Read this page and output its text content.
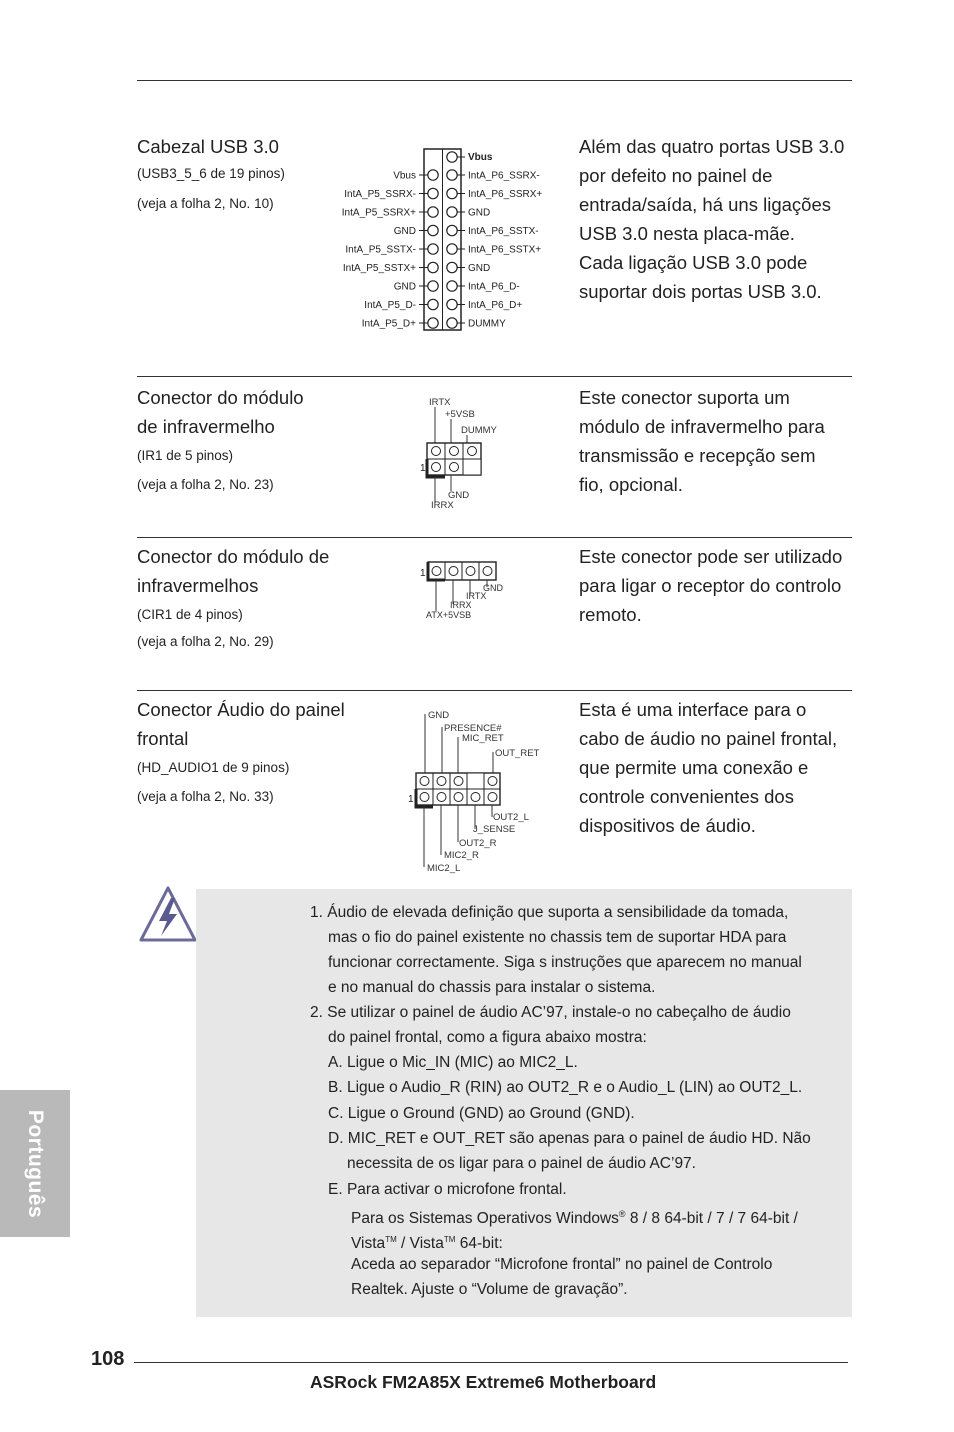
Cabezal USB 3.0
(USB3_5_6 de 19 pinos)
(veja a folha 2, No. 10)
Além das quatro portas USB 3.0
por defeito no painel de
entrada/saída, há uns ligações
USB 3.0 nesta placa-mãe.
Cada ligação USB 3.0 pode
suportar dois portas USB 3.0.
Vbus
Vbus	IntA_P6_SSRX-
IntA_P5_SSRX-	IntA_P6_SSRX+
IntA_P5_SSRX+	GND
GND	IntA_P6_SSTX-
IntA_P5_SSTX-	IntA_P6_SSTX+
IntA_P5_SSTX+	GND
GND	IntA_P6_D-
IntA_P5_D-	IntA_P6_D+
IntA_P5_D+	DUMMY
Conector do módulo
de infravermelho
(IR1 de 5 pinos)
(veja a folha 2, No. 23)
Este conector suporta um
módulo de infravermelho para
transmissão e recepção sem
fio, opcional.
IRTX
+5VSB
DUMMY
1
GND
IRRX
Conector do módulo de
infravermelhos
(CIR1 de 4 pinos)
(veja a folha 2, No. 29)
Este conector pode ser utilizado
para ligar o receptor do controlo
remoto.
1
GND
IRTX
IRRX
ATX+5VSB
Conector Áudio do painel
frontal
(HD_AUDIO1 de 9 pinos)
(veja a folha 2, No. 33)
Esta é uma interface para o
cabo de áudio no painel frontal,
que permite uma conexão e
controle convenientes dos
dispositivos de áudio.
GND
PRESENCE#
MIC_RET
OUT_RET
1
OUT2_L
J_SENSE
OUT2_R
MIC2_R
MIC2_L
1. Áudio de elevada definição que suporta a sensibilidade da tomada,
mas o fio do painel existente no chassis tem de suportar HDA para
funcionar correctamente. Siga s instruções que aparecem no manual
e no manual do chassis para instalar o sistema.
2. Se utilizar o painel de áudio AC’97, instale-o no cabeçalho de áudio
do painel frontal, como a figura abaixo mostra:
A. Ligue o Mic_IN (MIC) ao MIC2_L.
B. Ligue o Audio_R (RIN) ao OUT2_R e o Audio_L (LIN) ao OUT2_L.
C. Ligue o Ground (GND) ao Ground (GND).
D. MIC_RET e OUT_RET são apenas para o painel de áudio HD. Não
necessita de os ligar para o painel de áudio AC’97.
E. Para activar o microfone frontal.
Para os Sistemas Operativos Windows® 8 / 8 64-bit / 7 / 7 64-bit /
Vista™ / Vista™ 64-bit:
Aceda ao separador “Microfone frontal” no painel de Controlo
Realtek. Ajuste o “Volume de gravação”.
Português
108
ASRock FM2A85X Extreme6 Motherboard
